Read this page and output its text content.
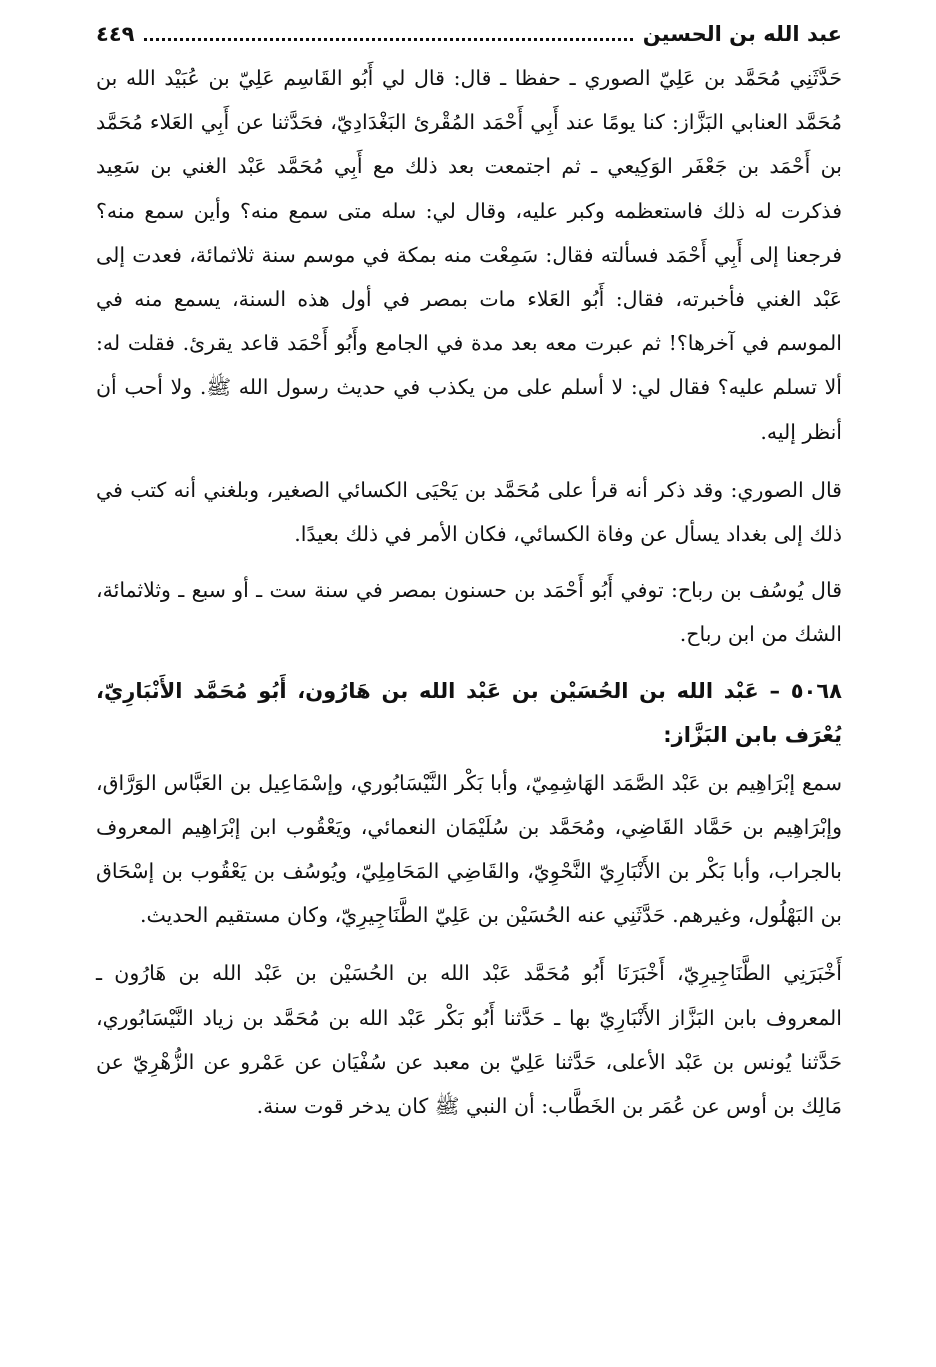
عبد الله بن الحسين
٤٤٩

حَدَّثَنِي مُحَمَّد بن عَلِيّ الصوري ـ حفظا ـ قال: قال لي أَبُو القَاسِم عَلِيّ بن عُبَيْد الله بن مُحَمَّد العنابي البَزَّاز: كنا يومًا عند أَبِي أَحْمَد المُقْرئ البَغْدَادِيّ، فحَدَّثنا عن أَبِي العَلاء مُحَمَّد بن أَحْمَد بن جَعْفَر الوَكِيعي ـ ثم اجتمعت بعد ذلك مع أَبِي مُحَمَّد عَبْد الغني بن سَعِيد فذكرت له ذلك فاستعظمه وكبر عليه، وقال لي: سله متى سمع منه؟ وأين سمع منه؟ فرجعنا إلى أَبِي أَحْمَد فسألته فقال: سَمِعْت منه بمكة في موسم سنة ثلاثمائة، فعدت إلى عَبْد الغني فأخبرته، فقال: أَبُو العَلاء مات بمصر في أول هذه السنة، يسمع منه في الموسم في آخرها؟! ثم عبرت معه بعد مدة في الجامع وأَبُو أَحْمَد قاعد يقرئ. فقلت له: ألا تسلم عليه؟ فقال لي: لا أسلم على من يكذب في حديث رسول الله ﷺ. ولا أحب أن أنظر إليه.

قال الصوري: وقد ذكر أنه قرأ على مُحَمَّد بن يَحْيَى الكسائي الصغير، وبلغني أنه كتب في ذلك إلى بغداد يسأل عن وفاة الكسائي، فكان الأمر في ذلك بعيدًا.

قال يُوسُف بن رباح: توفي أَبُو أَحْمَد بن حسنون بمصر في سنة ست ـ أو سبع ـ وثلاثمائة، الشك من ابن رباح.

٥٠٦٨ – عَبْد الله بن الحُسَيْن بن عَبْد الله بن هَارُون، أَبُو مُحَمَّد الأَنْبَارِيّ، يُعْرَف بابن البَزَّاز:

سمع إبْرَاهِيم بن عَبْد الصَّمَد الهَاشِمِيّ، وأبا بَكْر النَّيْسَابُوري، وإسْمَاعِيل بن العَبَّاس الوَرَّاق، وإبْرَاهِيم بن حَمَّاد القَاضِي، ومُحَمَّد بن سُلَيْمَان النعمائي، ويَعْقُوب ابن إبْرَاهِيم المعروف بالجراب، وأبا بَكْر بن الأَنْبَارِيّ النَّحْوِيّ، والقَاضِي المَحَامِلِيّ، ويُوسُف بن يَعْقُوب بن إسْحَاق بن البَهْلُول، وغيرهم. حَدَّثَنِي عنه الحُسَيْن بن عَلِيّ الطَّنَاجِيرِيّ، وكان مستقيم الحديث.

أَخْبَرَنِي الطَّنَاجِيرِيّ، أَخْبَرَنَا أَبُو مُحَمَّد عَبْد الله بن الحُسَيْن بن عَبْد الله بن هَارُون ـ المعروف بابن البَزَّاز الأَنْبَارِيّ بها ـ حَدَّثنا أَبُو بَكْر عَبْد الله بن مُحَمَّد بن زياد النَّيْسَابُوري، حَدَّثنا يُونس بن عَبْد الأعلى، حَدَّثنا عَلِيّ بن معبد عن سُفْيَان عن عَمْرو عن الزُّهْرِيّ عن مَالِك بن أوس عن عُمَر بن الخَطَّاب: أن النبي ﷺ كان يدخر قوت سنة.
